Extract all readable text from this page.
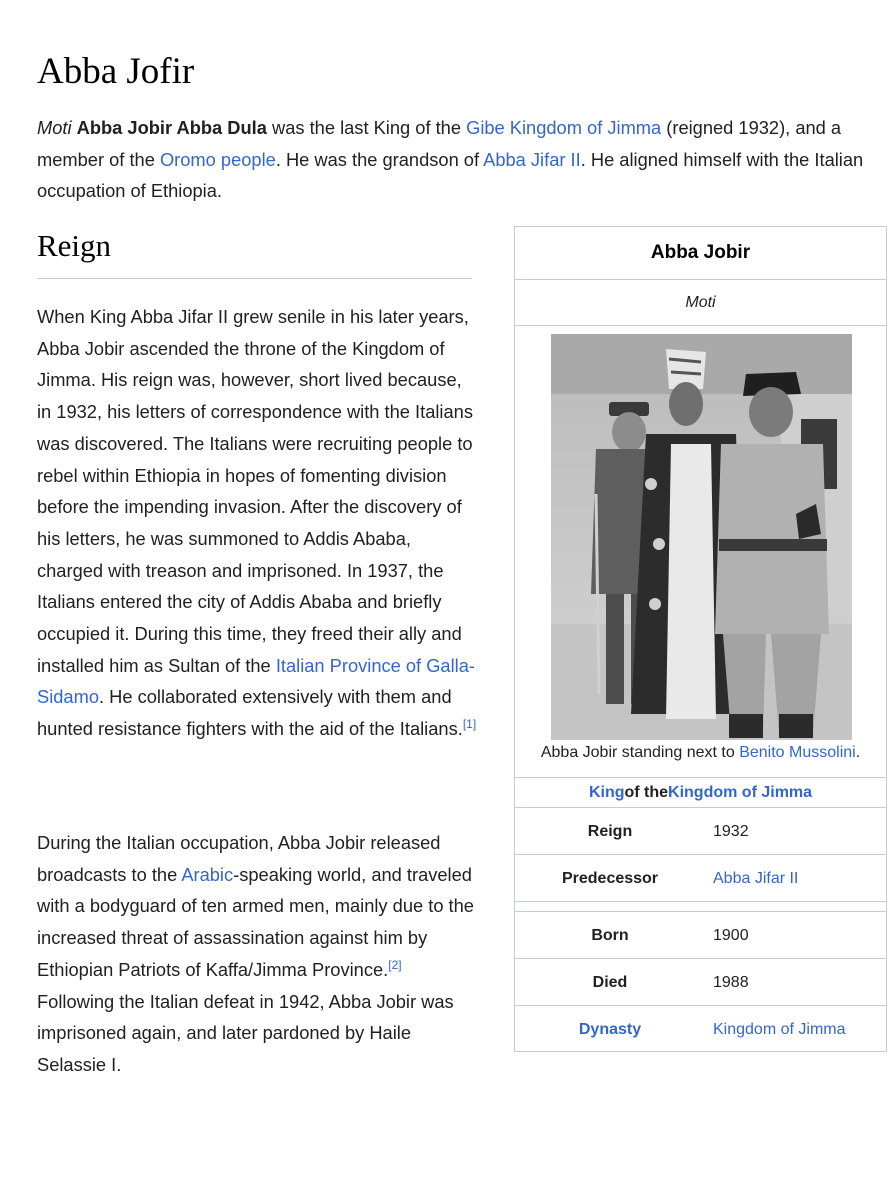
Abba Jofir

Moti Abba Jobir Abba Dula was the last King of the Gibe Kingdom of Jimma (reigned 1932), and a member of the Oromo people. He was the grandson of Abba Jifar II. He aligned himself with the Italian occupation of Ethiopia.

Reign

When King Abba Jifar II grew senile in his later years, Abba Jobir ascended the throne of the Kingdom of Jimma. His reign was, however, short lived because, in 1932, his letters of correspondence with the Italians was discovered. The Italians were recruiting people to rebel within Ethiopia in hopes of fomenting division before the impending invasion. After the discovery of his letters, he was summoned to Addis Ababa, charged with treason and imprisoned. In 1937, the Italians entered the city of Addis Ababa and briefly occupied it. During this time, they freed their ally and installed him as Sultan of the Italian Province of Galla-Sidamo. He collaborated extensively with them and hunted resistance fighters with the aid of the Italians.[1]

During the Italian occupation, Abba Jobir released broadcasts to the Arabic-speaking world, and traveled with a bodyguard of ten armed men, mainly due to the increased threat of assassination against him by Ethiopian Patriots of Kaffa/Jimma Province.[2] Following the Italian defeat in 1942, Abba Jobir was imprisoned again, and later pardoned by Haile Selassie I.

Abba Jobir
Moti
Abba Jobir standing next to Benito Mussolini.
King of the Kingdom of Jimma
Reign	1932
Predecessor	Abba Jifar II
Born	1900
Died	1988
Dynasty	Kingdom of Jimma
